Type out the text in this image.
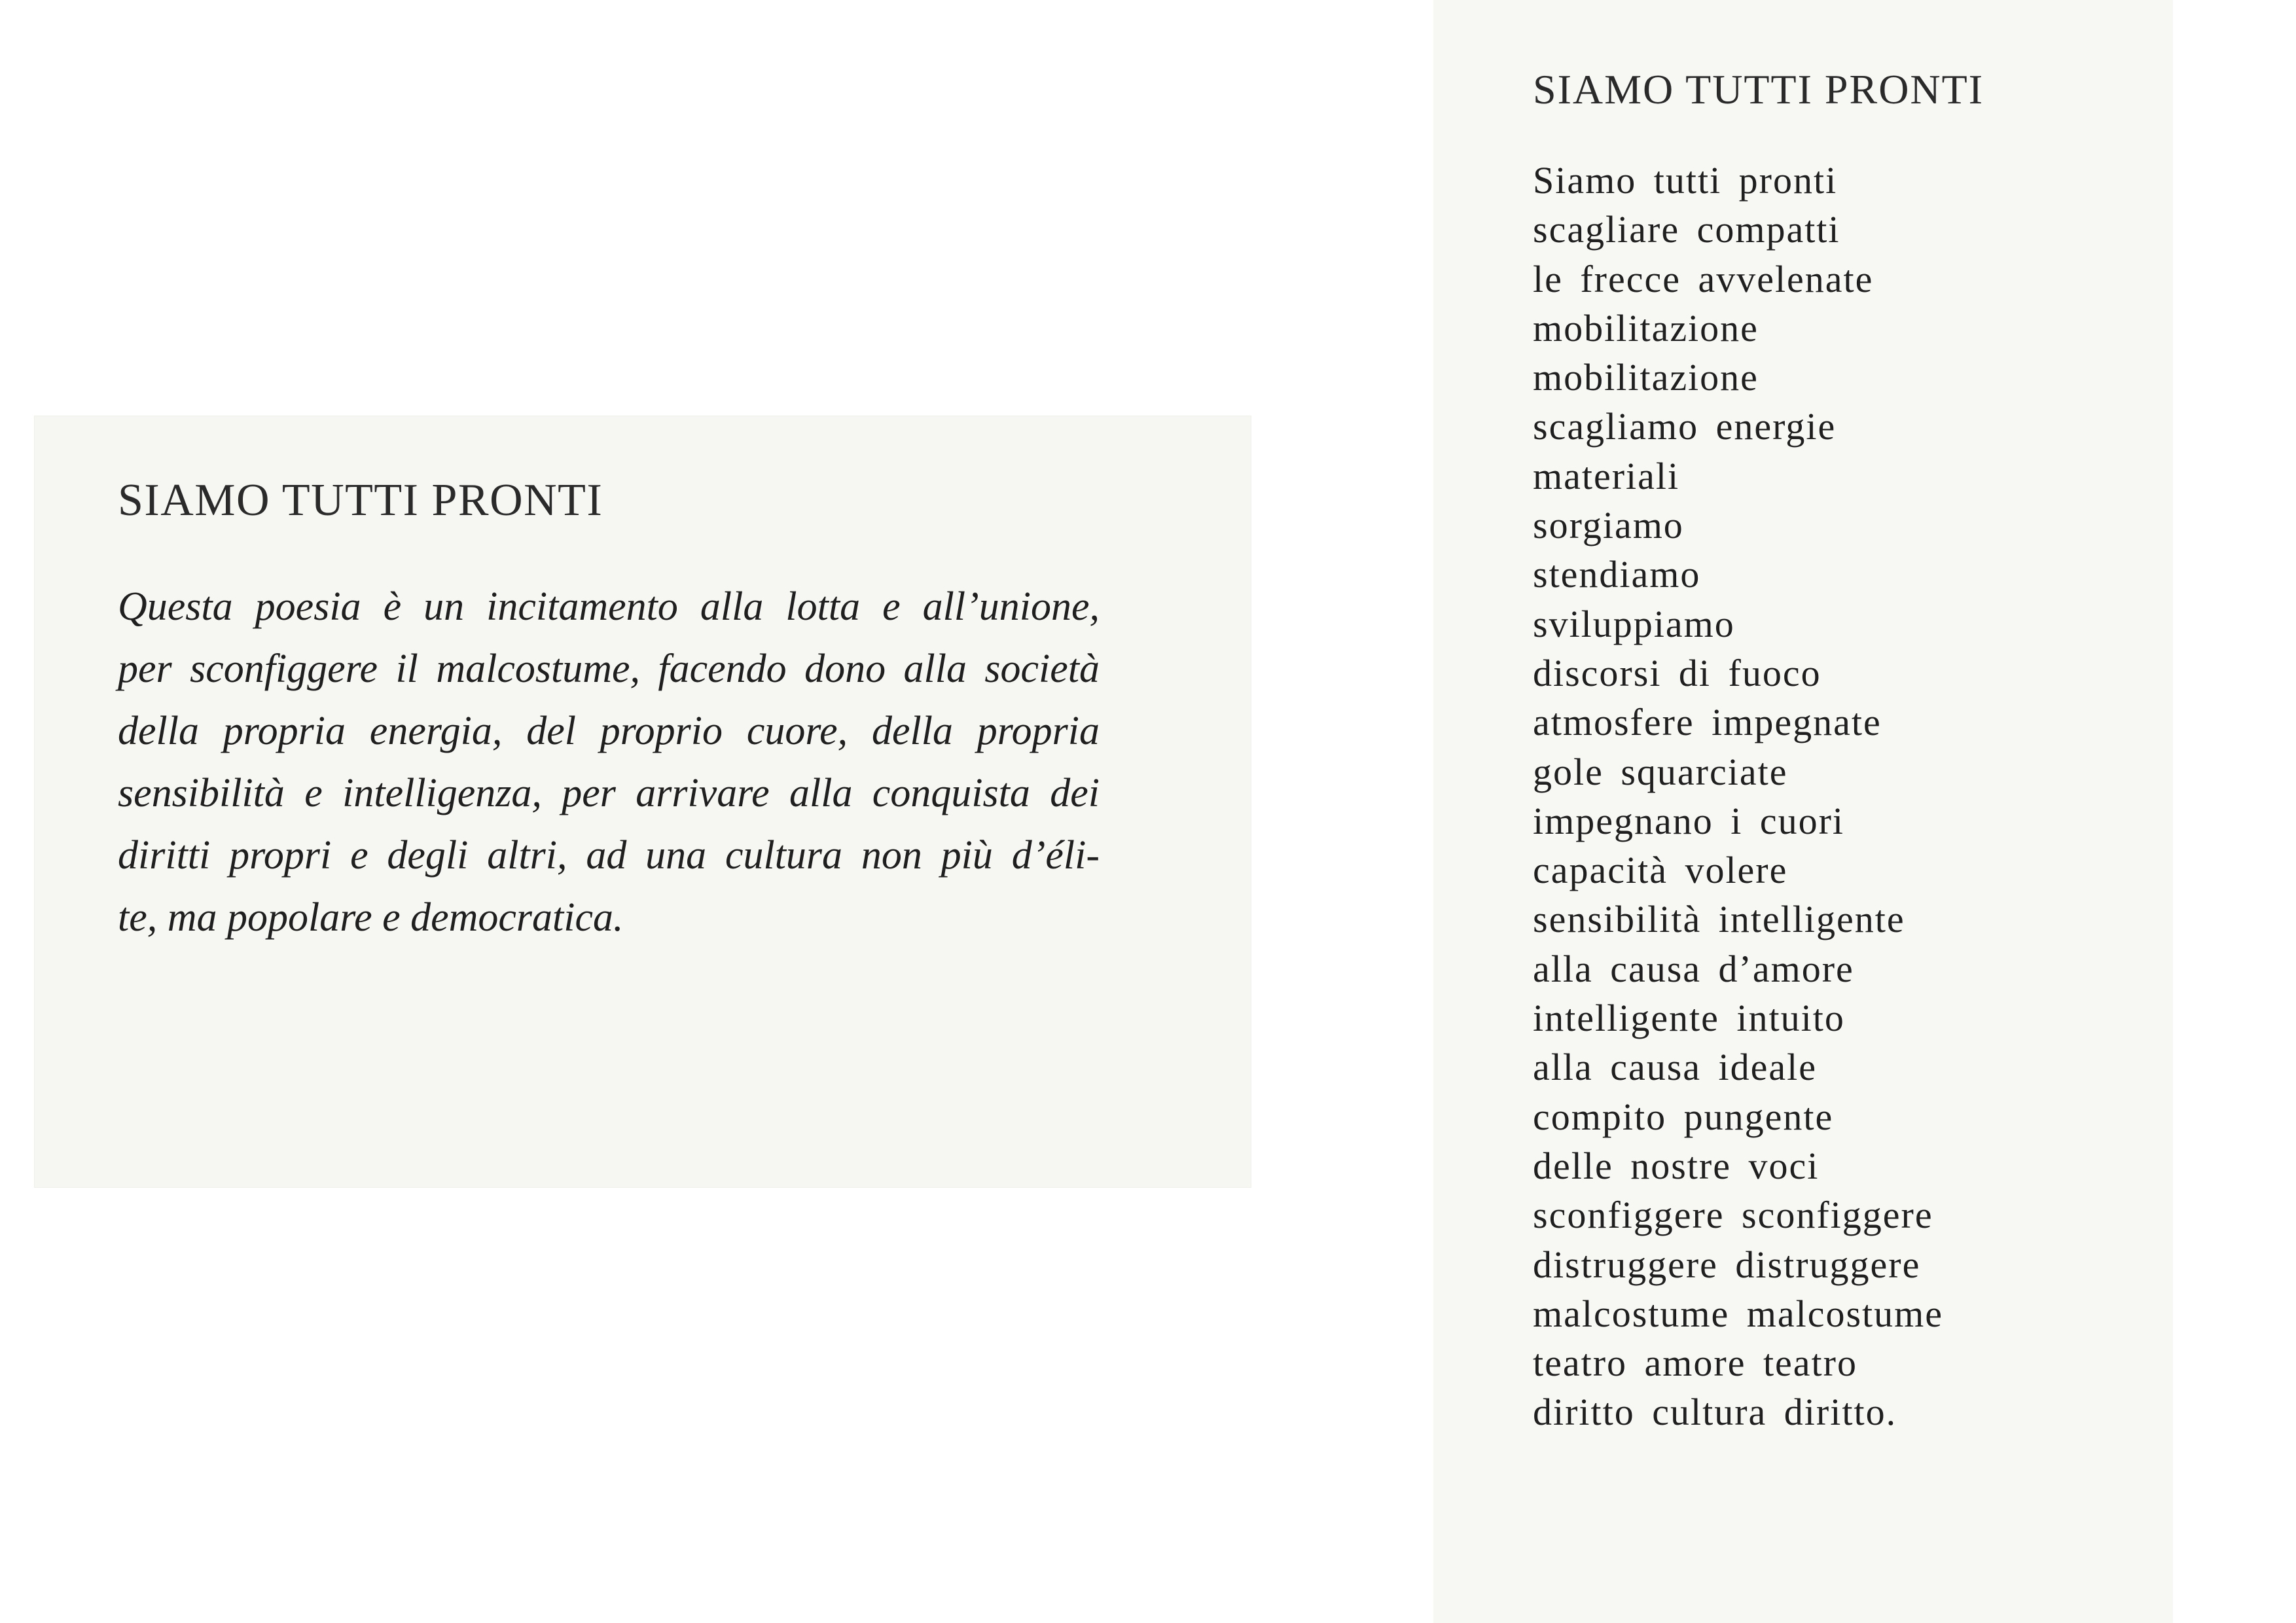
SIAMO TUTTI PRONTI
Questa poesia è un incitamento alla lotta e all’unione,
per sconfiggere il malcostume, facendo dono alla società
della propria energia, del proprio cuore, della propria
sensibilità e intelligenza, per arrivare alla conquista dei
diritti propri e degli altri, ad una cultura non più d’éli-
te, ma popolare e democratica.
SIAMO TUTTI PRONTI
Siamo tutti pronti
scagliare compatti
le frecce avvelenate
mobilitazione
mobilitazione
scagliamo energie
materiali
sorgiamo
stendiamo
sviluppiamo
discorsi di fuoco
atmosfere impegnate
gole squarciate
impegnano i cuori
capacità volere
sensibilità intelligente
alla causa d’amore
intelligente intuito
alla causa ideale
compito pungente
delle nostre voci
sconfiggere sconfiggere
distruggere distruggere
malcostume malcostume
teatro amore teatro
diritto cultura diritto.
